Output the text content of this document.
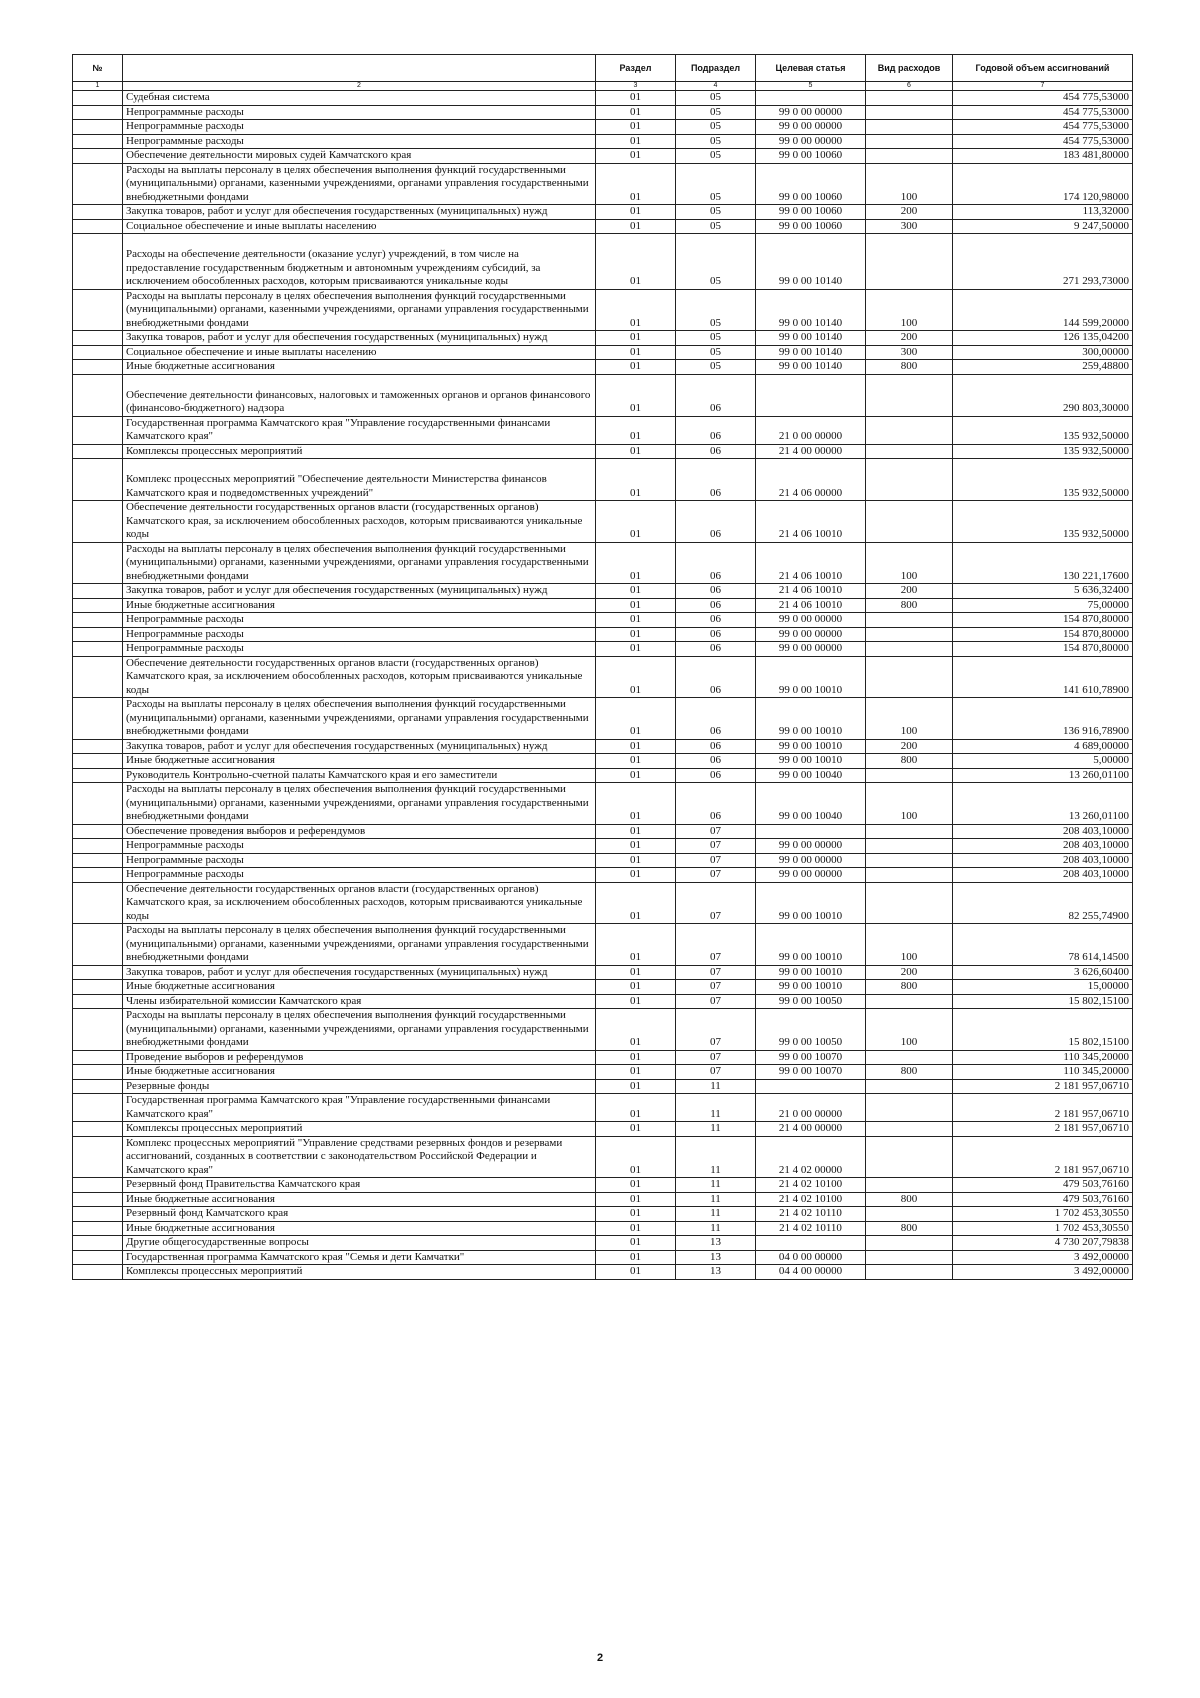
№		Раздел	Подраздел	Целевая статья	Вид расходов	Годовой объем ассигнований
1	2	3	4	5	6	7
	Судебная система	01	05			454 775,53000
	Непрограммные расходы	01	05	99 0 00 00000		454 775,53000
	Непрограммные расходы	01	05	99 0 00 00000		454 775,53000
	Непрограммные расходы	01	05	99 0 00 00000		454 775,53000
	Обеспечение деятельности мировых судей Камчатского края	01	05	99 0 00 10060		183 481,80000
	Расходы на выплаты персоналу в целях обеспечения выполнения функций государственными (муниципальными) органами, казенными учреждениями, органами управления государственными внебюджетными фондами	01	05	99 0 00 10060	100	174 120,98000
	Закупка товаров, работ и услуг для обеспечения государственных (муниципальных) нужд	01	05	99 0 00 10060	200	113,32000
	Социальное обеспечение и иные выплаты населению	01	05	99 0 00 10060	300	9 247,50000
	Расходы на обеспечение деятельности (оказание услуг) учреждений, в том числе на предоставление государственным бюджетным и автономным учреждениям субсидий, за исключением обособленных расходов, которым присваиваются уникальные коды	01	05	99 0 00 10140		271 293,73000
	Расходы на выплаты персоналу в целях обеспечения выполнения функций государственными (муниципальными) органами, казенными учреждениями, органами управления государственными внебюджетными фондами	01	05	99 0 00 10140	100	144 599,20000
	Закупка товаров, работ и услуг для обеспечения государственных (муниципальных) нужд	01	05	99 0 00 10140	200	126 135,04200
	Социальное обеспечение и иные выплаты населению	01	05	99 0 00 10140	300	300,00000
	Иные бюджетные ассигнования	01	05	99 0 00 10140	800	259,48800
	Обеспечение деятельности финансовых, налоговых и таможенных органов и органов финансового (финансово-бюджетного) надзора	01	06			290 803,30000
	Государственная программа Камчатского края "Управление государственными финансами Камчатского края"	01	06	21 0 00 00000		135 932,50000
	Комплексы процессных мероприятий	01	06	21 4 00 00000		135 932,50000
	Комплекс процессных мероприятий "Обеспечение деятельности Министерства финансов Камчатского края и подведомственных учреждений"	01	06	21 4 06 00000		135 932,50000
	Обеспечение деятельности государственных органов власти (государственных органов) Камчатского края, за исключением обособленных расходов, которым присваиваются уникальные коды	01	06	21 4 06 10010		135 932,50000
	Расходы на выплаты персоналу в целях обеспечения выполнения функций государственными (муниципальными) органами, казенными учреждениями, органами управления государственными внебюджетными фондами	01	06	21 4 06 10010	100	130 221,17600
	Закупка товаров, работ и услуг для обеспечения государственных (муниципальных) нужд	01	06	21 4 06 10010	200	5 636,32400
	Иные бюджетные ассигнования	01	06	21 4 06 10010	800	75,00000
	Непрограммные расходы	01	06	99 0 00 00000		154 870,80000
	Непрограммные расходы	01	06	99 0 00 00000		154 870,80000
	Непрограммные расходы	01	06	99 0 00 00000		154 870,80000
	Обеспечение деятельности государственных органов власти (государственных органов) Камчатского края, за исключением обособленных расходов, которым присваиваются уникальные коды	01	06	99 0 00 10010		141 610,78900
	Расходы на выплаты персоналу в целях обеспечения выполнения функций государственными (муниципальными) органами, казенными учреждениями, органами управления государственными внебюджетными фондами	01	06	99 0 00 10010	100	136 916,78900
	Закупка товаров, работ и услуг для обеспечения государственных (муниципальных) нужд	01	06	99 0 00 10010	200	4 689,00000
	Иные бюджетные ассигнования	01	06	99 0 00 10010	800	5,00000
	Руководитель Контрольно-счетной палаты Камчатского края и его заместители	01	06	99 0 00 10040		13 260,01100
	Расходы на выплаты персоналу в целях обеспечения выполнения функций государственными (муниципальными) органами, казенными учреждениями, органами управления государственными внебюджетными фондами	01	06	99 0 00 10040	100	13 260,01100
	Обеспечение проведения выборов и референдумов	01	07			208 403,10000
	Непрограммные расходы	01	07	99 0 00 00000		208 403,10000
	Непрограммные расходы	01	07	99 0 00 00000		208 403,10000
	Непрограммные расходы	01	07	99 0 00 00000		208 403,10000
	Обеспечение деятельности государственных органов власти (государственных органов) Камчатского края, за исключением обособленных расходов, которым присваиваются уникальные коды	01	07	99 0 00 10010		82 255,74900
	Расходы на выплаты персоналу в целях обеспечения выполнения функций государственными (муниципальными) органами, казенными учреждениями, органами управления государственными внебюджетными фондами	01	07	99 0 00 10010	100	78 614,14500
	Закупка товаров, работ и услуг для обеспечения государственных (муниципальных) нужд	01	07	99 0 00 10010	200	3 626,60400
	Иные бюджетные ассигнования	01	07	99 0 00 10010	800	15,00000
	Члены избирательной комиссии Камчатского края	01	07	99 0 00 10050		15 802,15100
	Расходы на выплаты персоналу в целях обеспечения выполнения функций государственными (муниципальными) органами, казенными учреждениями, органами управления государственными внебюджетными фондами	01	07	99 0 00 10050	100	15 802,15100
	Проведение выборов и референдумов	01	07	99 0 00 10070		110 345,20000
	Иные бюджетные ассигнования	01	07	99 0 00 10070	800	110 345,20000
	Резервные фонды	01	11			2 181 957,06710
	Государственная программа Камчатского края "Управление государственными финансами Камчатского края"	01	11	21 0 00 00000		2 181 957,06710
	Комплексы процессных мероприятий	01	11	21 4 00 00000		2 181 957,06710
	Комплекс процессных мероприятий "Управление средствами резервных фондов и резервами ассигнований, созданных в соответствии с законодательством Российской Федерации и Камчатского края"	01	11	21 4 02 00000		2 181 957,06710
	Резервный фонд Правительства Камчатского края	01	11	21 4 02 10100		479 503,76160
	Иные бюджетные ассигнования	01	11	21 4 02 10100	800	479 503,76160
	Резервный фонд Камчатского края	01	11	21 4 02 10110		1 702 453,30550
	Иные бюджетные ассигнования	01	11	21 4 02 10110	800	1 702 453,30550
	Другие общегосударственные вопросы	01	13			4 730 207,79838
	Государственная программа Камчатского края "Семья и дети Камчатки"	01	13	04 0 00 00000		3 492,00000
	Комплексы процессных мероприятий	01	13	04 4 00 00000		3 492,00000
2
